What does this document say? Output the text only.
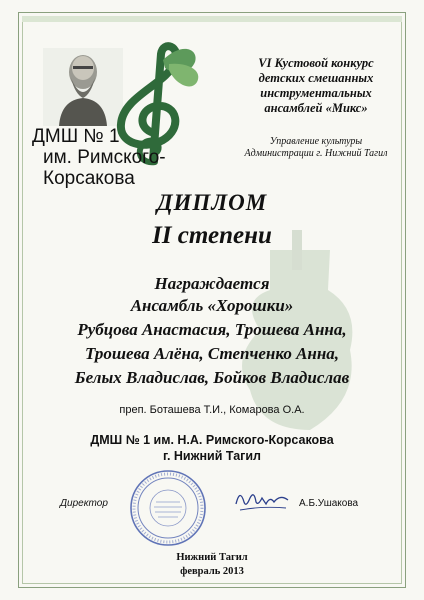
ДМШ № 1
им. Римского-Корсакова
VI Кустовой конкурс
детских смешанных
инструментальных
ансамблей «Микс»
Управление культуры
Администрации г. Нижний Тагил
ДИПЛОМ
II степени
Награждается
Ансамбль «Хорошки»
Рубцова Анастасия, Трошева Анна,
Трошева Алёна, Степченко Анна,
Белых Владислав, Бойков Владислав
преп. Боташева Т.И., Комарова О.А.
ДМШ № 1 им. Н.А. Римского-Корсакова
г. Нижний Тагил
Директор	А.Б.Ушакова
Нижний Тагил
февраль 2013
